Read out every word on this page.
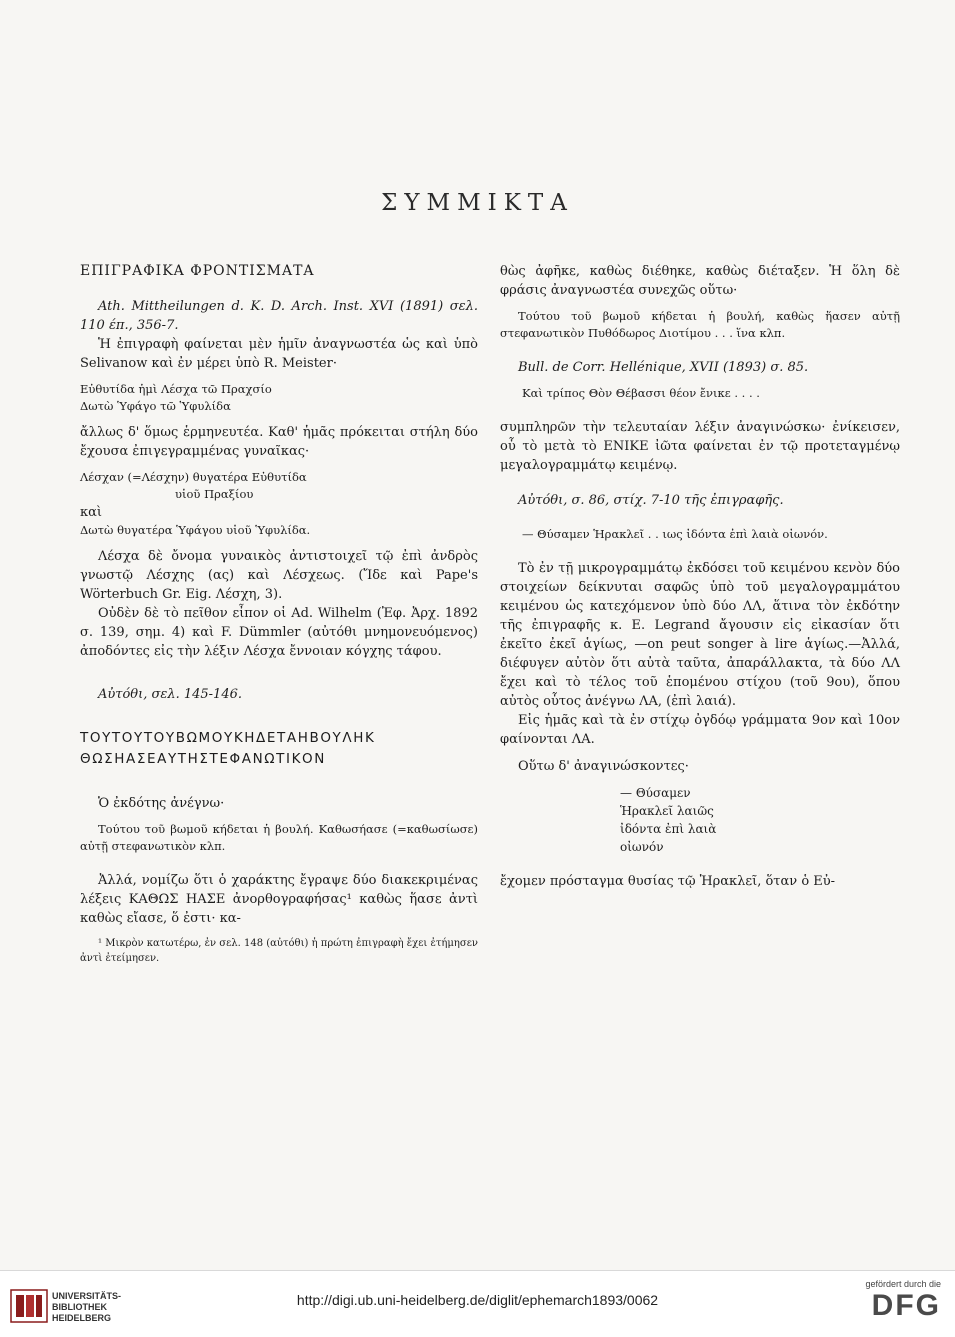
ΣΥΜΜΙΚΤΑ

ΕΠΙΓΡΑΦΙΚΑ ΦΡΟΝΤΙΣΜΑΤΑ

Ath. Mittheilungen d. K. D. Arch. Inst. XVI (1891) σελ. 110 έπ., 356-7.

Ἡ ἐπιγραφὴ φαίνεται μὲν ἡμῖν ἀναγνωστέα ὡς καὶ ὑπὸ Selivanow καὶ ἐν μέρει ὑπὸ R. Meister·

Εὐθυτίδα ἡμὶ Λέσχα τῶ Πραχσίο

Δωτὼ Ὑφάγο τῶ Ὑφυλίδα

ἄλλως δ' ὅμως ἑρμηνευτέα. Καθ' ἡμᾶς πρόκειται στήλη δύο ἔχουσα ἐπιγεγραμμένας γυναῖκας·

Λέσχαν (=Λέσχην) θυγατέρα Εὐθυτίδα

υἱοῦ Πραξίου

καὶ

Δωτὼ θυγατέρα Ὑφάγου υἱοῦ Ὑφυλίδα.

Λέσχα δὲ ὄνομα γυναικὸς ἀντιστοιχεῖ τῷ ἐπὶ ἀνδρὸς γνωστῷ Λέσχης (ας) καὶ Λέσχεως. (Ἴδε καὶ Pape's Wörterbuch Gr. Eig. Λέσχη, 3).

Οὐδὲν δὲ τὸ πεῖθον εἶπον οἱ Ad. Wilhelm (Ἐφ. Ἀρχ. 1892 σ. 139, σημ. 4) καὶ F. Dümmler (αὐτόθι μνημονευόμενος) ἀποδόντες εἰς τὴν λέξιν Λέσχα ἔννοιαν κόγχης τάφου.

Αὐτόθι, σελ. 145-146.

ΤΟΥΤΟΥΤΟΥΒΩΜΟΥΚΗΔΕΤΑΗΒΟΥΛΗΚ

ΘΩΣΗΑΣΕΑΥΤΗΣΤΕΦΑΝΩΤΙΚΟΝ

Ὁ ἐκδότης ἀνέγνω·

Τούτου τοῦ βωμοῦ κήδεται ἡ βουλή. Καθωσήασε (=καθωσίωσε) αὐτῇ στεφανωτικὸν κλπ.

Ἀλλά, νομίζω ὅτι ὁ χαράκτης ἔγραψε δύο διακεκριμένας λέξεις ΚΑΘΩΣ ΗΑΣΕ ἀνορθογραφήσας¹ καθὼς ἥασε ἀντὶ καθὼς εἴασε, ὅ ἐστι· κα-

¹ Μικρὸν κατωτέρω, ἐν σελ. 148 (αὐτόθι) ἡ πρώτη ἐπιγραφὴ ἔχει ἐτήμησεν ἀντὶ ἐτείμησεν.

θὼς ἀφῆκε, καθὼς διέθηκε, καθὼς διέταξεν. Ἡ ὅλη δὲ φράσις ἀναγνωστέα συνεχῶς οὕτω·

Τούτου τοῦ βωμοῦ κήδεται ἡ βουλή, καθὼς ἥασεν αὐτῇ στεφανωτικὸν Πυθόδωρος Διοτίμου . . . ἵνα κλπ.

Bull. de Corr. Hellénique, XVII (1893) σ. 85.

Καὶ τρίπος Θὸν Θέβασσι θέον ἔνικε . . . .

συμπληρῶν τὴν τελευταίαν λέξιν ἀναγινώσκω· ἐνίκεισεν, οὗ τὸ μετὰ τὸ ΕΝΙΚΕ ἰῶτα φαίνεται ἐν τῷ προτεταγμένῳ μεγαλογραμμάτῳ κειμένῳ.

Αὐτόθι, σ. 86, στίχ. 7-10 τῆς ἐπιγραφῆς.

— Θύσαμεν Ἡρακλεῖ . . ιως ἰδόντα ἐπὶ λαιὰ οἰωνόν.

Τὸ ἐν τῇ μικρογραμμάτῳ ἐκδόσει τοῦ κειμένου κενὸν δύο στοιχείων δείκνυται σαφῶς ὑπὸ τοῦ μεγαλογραμμάτου κειμένου ὡς κατεχόμενον ὑπὸ δύο ΛΛ, ἅτινα τὸν ἐκδότην τῆς ἐπιγραφῆς κ. E. Legrand ἄγουσιν εἰς εἰκασίαν ὅτι ἐκεῖτο ἐκεῖ ἁγίως, —on peut songer à lire ἁγίως.—Ἀλλά, διέφυγεν αὐτὸν ὅτι αὐτὰ ταῦτα, ἀπαράλλακτα, τὰ δύο ΛΛ ἔχει καὶ τὸ τέλος τοῦ ἑπομένου στίχου (τοῦ 9ου), ὅπου αὐτὸς οὗτος ἀνέγνω ΛΑ, (ἐπὶ λαιά).

Εἰς ἡμᾶς καὶ τὰ ἐν στίχῳ ὀγδόῳ γράμματα 9ον καὶ 10ον φαίνονται ΛΑ.

Οὕτω δ' ἀναγινώσκοντες·

— Θύσαμεν

Ἡρακλεῖ λαιῶς

ἰδόντα ἐπὶ λαιὰ

οἰωνόν

ἔχομεν πρόσταγμα θυσίας τῷ Ἡρακλεῖ, ὅταν ὁ Εὐ-

UNIVERSITÄTS-
BIBLIOTHEK
HEIDELBERG
http://digi.ub.uni-heidelberg.de/diglit/ephemarch1893/0062
gefördert durch die
DFG
